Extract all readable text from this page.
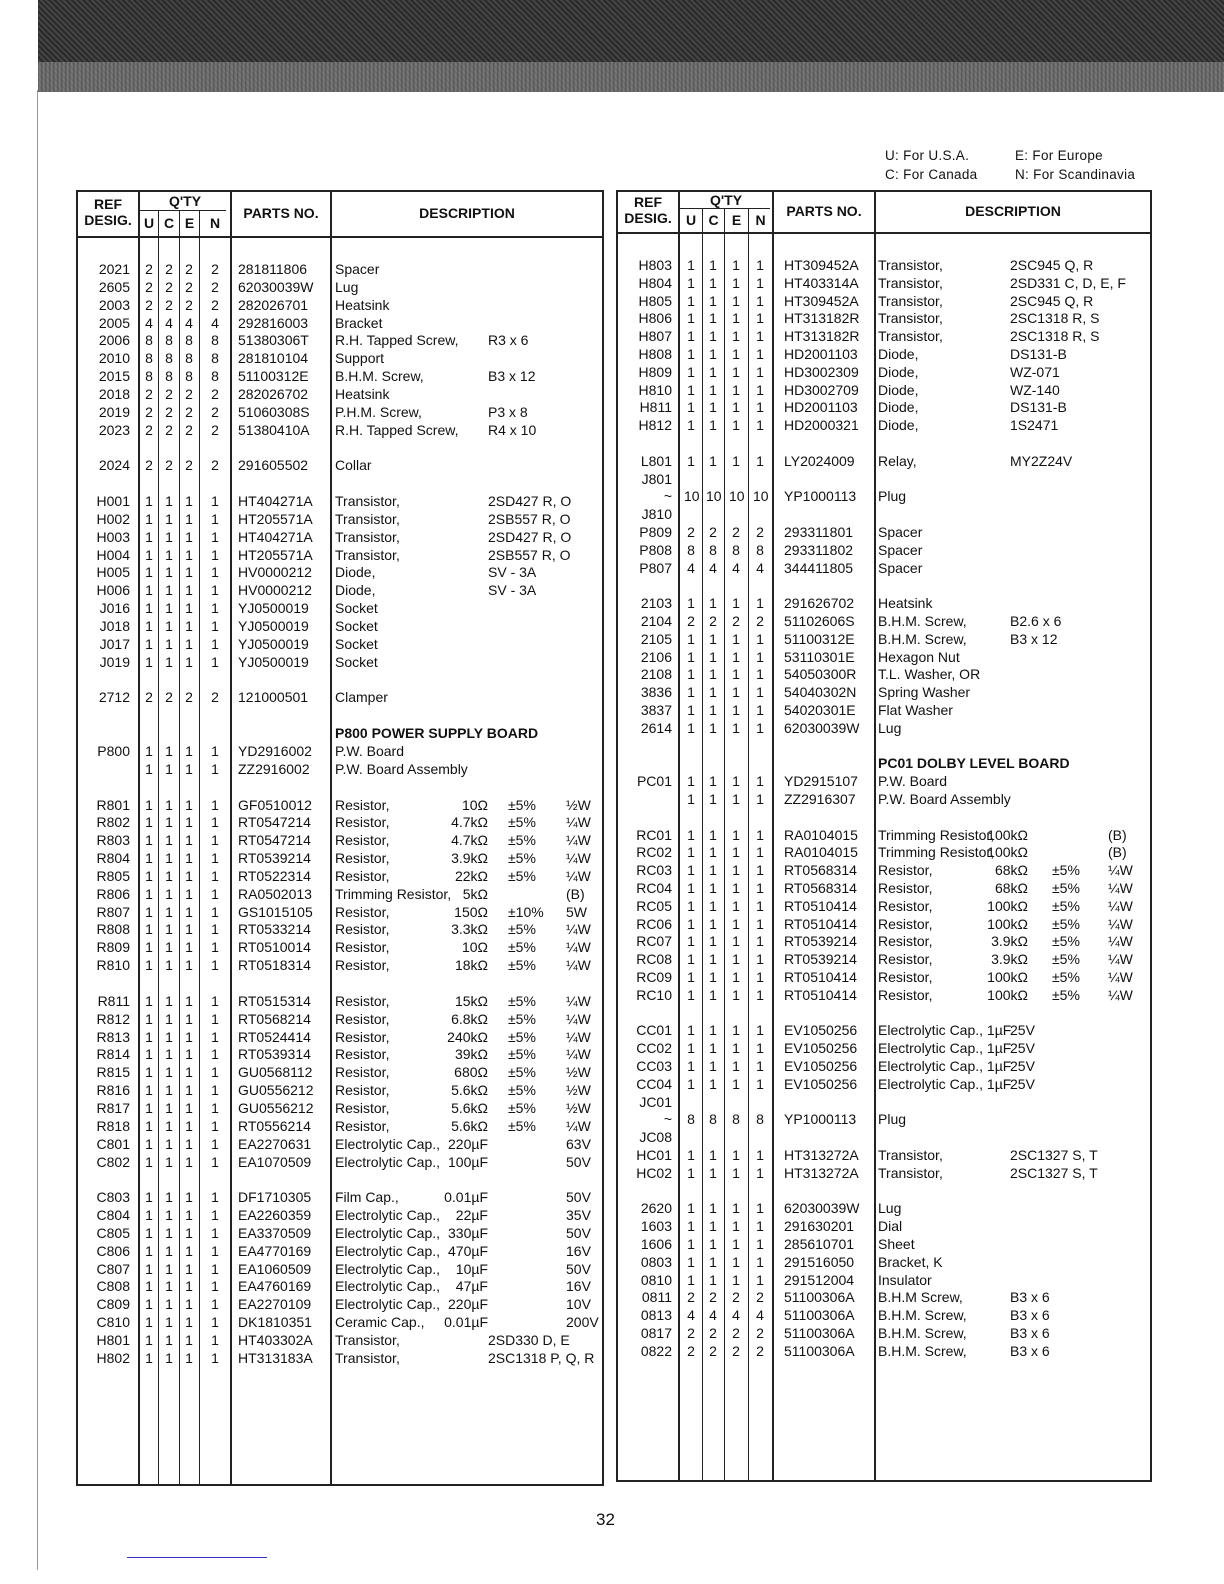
U: For U.S.A.	E: For Europe
C: For Canada	N: For Scandinavia
REF
DESIG.
Q'TY
U C E	N
PARTS NO.	DESCRIPTION
2021 2 2 2 2 281811806 Spacer
2605 2 2 2 2 62030039W Lug
2003 2 2 2 2 282026701 Heatsink
2005 4 4 4 4 292816003 Bracket
2006 8 8 8 8 51380306T R.H. Tapped Screw, R3 x 6
2010 8 8 8 8 281810104 Support
2015 8 8 8 8 51100312E B.H.M. Screw,	B3 x 12
2018 2 2 2 2 282026702 Heatsink
2019 2 2 2 2 51060308S P.H.M. Screw,	P3 x 8
2023 2 2 2 2 51380410A R.H. Tapped Screw, R4 x 10
2024 2 2 2 2 291605502 Collar
H001 1 1 1 1 HT404271A Transistor,	2SD427 R, O
H002 1 1 1 1 HT205571A Transistor,	2SB557 R, O
H003 1 1 1 1 HT404271A Transistor,	2SD427 R, O
H004 1 1 1 1 HT205571A Transistor,	2SB557 R, O
H005 1 1 1 1 HV0000212 Diode,	SV - 3A
H006 1 1 1 1 HV0000212 Diode,	SV - 3A
J016 1 1 1 1 YJ0500019 Socket
J018 1 1 1 1 YJ0500019 Socket
J017 1 1 1 1 YJ0500019 Socket
J019 1 1 1 1 YJ0500019 Socket
2712 2 2 2 2 121000501 Clamper
P800 POWER SUPPLY BOARD
P800 1 1 1 1 YD2916002 P.W. Board
1 1 1 1 ZZ2916002 P.W. Board Assembly
R801 1 1 1 1 GF0510012 Resistor,	10Ω ±5% ½W
R802 1 1 1 1 RT0547214 Resistor,	4.7kΩ ±5% ¼W
R803 1 1 1 1 RT0547214 Resistor,	4.7kΩ ±5% ¼W
R804 1 1 1 1 RT0539214 Resistor,	3.9kΩ ±5% ¼W
R805 1 1 1 1 RT0522314 Resistor,	22kΩ ±5% ¼W
R806 1 1 1 1 RA0502013 Trimming Resistor, 5kΩ	(B)
R807 1 1 1 1 GS1015105 Resistor,	150Ω ±10% 5W
R808 1 1 1 1 RT0533214 Resistor,	3.3kΩ ±5% ¼W
R809 1 1 1 1 RT0510014 Resistor,	10Ω ±5% ¼W
R810 1 1 1 1 RT0518314 Resistor,	18kΩ ±5% ¼W
R811 1 1 1 1 RT0515314 Resistor,	15kΩ ±5% ¼W
R812 1 1 1 1 RT0568214 Resistor,	6.8kΩ ±5% ¼W
R813 1 1 1 1 RT0524414 Resistor,	240kΩ ±5% ¼W
R814 1 1 1 1 RT0539314 Resistor,	39kΩ ±5% ¼W
R815 1 1 1 1 GU0568112 Resistor,	680Ω ±5% ½W
R816 1 1 1 1 GU0556212 Resistor,	5.6kΩ ±5% ½W
R817 1 1 1 1 GU0556212 Resistor,	5.6kΩ ±5% ½W
R818 1 1 1 1 RT0556214 Resistor,	5.6kΩ ±5% ¼W
C801 1 1 1 1 EA2270631 Electrolytic Cap., 220µF	63V
C802 1 1 1 1 EA1070509 Electrolytic Cap., 100µF	50V
C803 1 1 1 1 DF1710305 Film Cap.,	0.01µF	50V
C804 1 1 1 1 EA2260359 Electrolytic Cap.,	22µF	35V
C805 1 1 1 1 EA3370509 Electrolytic Cap., 330µF	50V
C806 1 1 1 1 EA4770169 Electrolytic Cap., 470µF	16V
C807 1 1 1 1 EA1060509 Electrolytic Cap.,	10µF	50V
C808 1 1 1 1 EA4760169 Electrolytic Cap.,	47µF	16V
C809 1 1 1 1 EA2270109 Electrolytic Cap., 220µF	10V
C810 1 1 1 1 DK1810351 Ceramic Cap.,	0.01µF	200V
H801 1 1 1 1 HT403302A Transistor,	2SD330 D, E
H802 1 1 1 1 HT313183A Transistor,	2SC1318 P, Q, R
REF
DESIG.
Q'TY
U C E	N
PARTS NO.	DESCRIPTION
H803 1 1 1 1 HT309452A Transistor,	2SC945 Q, R
H804 1 1 1 1 HT403314A Transistor,	2SD331 C, D, E, F
H805 1 1 1 1 HT309452A Transistor,	2SC945 Q, R
H806 1 1 1 1 HT313182R Transistor,	2SC1318 R, S
H807 1 1 1 1 HT313182R Transistor,	2SC1318 R, S
H808 1 1 1 1 HD2001103 Diode,	DS131-B
H809 1 1 1 1 HD3002309 Diode,	WZ-071
H810 1 1 1 1 HD3002709 Diode,	WZ-140
H811 1 1 1 1 HD2001103 Diode,	DS131-B
H812 1 1 1 1 HD2000321 Diode,	1S2471
L801 1 1 1 1 LY2024009 Relay,	MY2Z24V
J801
~ 10 10 10 10 YP1000113 Plug
J810
P809 2 2 2 2 293311801 Spacer
P808 8 8 8 8 293311802 Spacer
P807 4 4 4 4 344411805 Spacer
2103 1 1 1 1 291626702 Heatsink
2104 2 2 2 2 51102606S B.H.M. Screw,	B2.6 x 6
2105 1 1 1 1 51100312E B.H.M. Screw,	B3 x 12
2106 1 1 1 1 53110301E Hexagon Nut
2108 1 1 1 1 54050300R T.L. Washer, OR
3836 1 1 1 1 54040302N Spring Washer
3837 1 1 1 1 54020301E Flat Washer
2614 1 1 1 1 62030039W Lug
PC01 DOLBY LEVEL BOARD
PC01 1 1 1 1 YD2915107 P.W. Board
1 1 1 1 ZZ2916307 P.W. Board Assembly
RC01 1 1 1 1 RA0104015 Trimming Resistor,
100kΩ	(B)
RC02 1 1 1 1 RA0104015 Trimming Resistor,
100kΩ	(B)
RC03 1 1 1 1 RT0568314 Resistor,	68kΩ ±5% ¼W
RC04 1 1 1 1 RT0568314 Resistor,	68kΩ ±5% ¼W
RC05 1 1 1 1 RT0510414 Resistor,	100kΩ ±5% ¼W
RC06 1 1 1 1 RT0510414 Resistor,	100kΩ ±5% ¼W
RC07 1 1 1 1 RT0539214 Resistor,	3.9kΩ ±5% ¼W
RC08 1 1 1 1 RT0539214 Resistor,	3.9kΩ ±5% ¼W
RC09 1 1 1 1 RT0510414 Resistor,	100kΩ ±5% ¼W
RC10 1 1 1 1 RT0510414 Resistor,	100kΩ ±5% ¼W
CC01 1 1 1 1 EV1050256 Electrolytic Cap., 1µF
25V
CC02 1 1 1 1 EV1050256 Electrolytic Cap., 1µF
25V
CC03 1 1 1 1 EV1050256 Electrolytic Cap., 1µF
25V
CC04 1 1 1 1 EV1050256 Electrolytic Cap., 1µF
25V
JC01
~ 8 8 8 8 YP1000113 Plug
JC08
HC01 1 1 1 1 HT313272A Transistor,	2SC1327 S, T
HC02 1 1 1 1 HT313272A Transistor,	2SC1327 S, T
2620 1 1 1 1 62030039W Lug
1603 1 1 1 1 291630201 Dial
1606 1 1 1 1 285610701 Sheet
0803 1 1 1 1 291516050 Bracket, K
0810 1 1 1 1 291512004 Insulator
0811 2 2 2 2 51100306A B.H.M Screw,	B3 x 6
0813 4 4 4 4 51100306A B.H.M. Screw,	B3 x 6
0817 2 2 2 2 51100306A B.H.M. Screw,	B3 x 6
0822 2 2 2 2 51100306A B.H.M. Screw,	B3 x 6
32
